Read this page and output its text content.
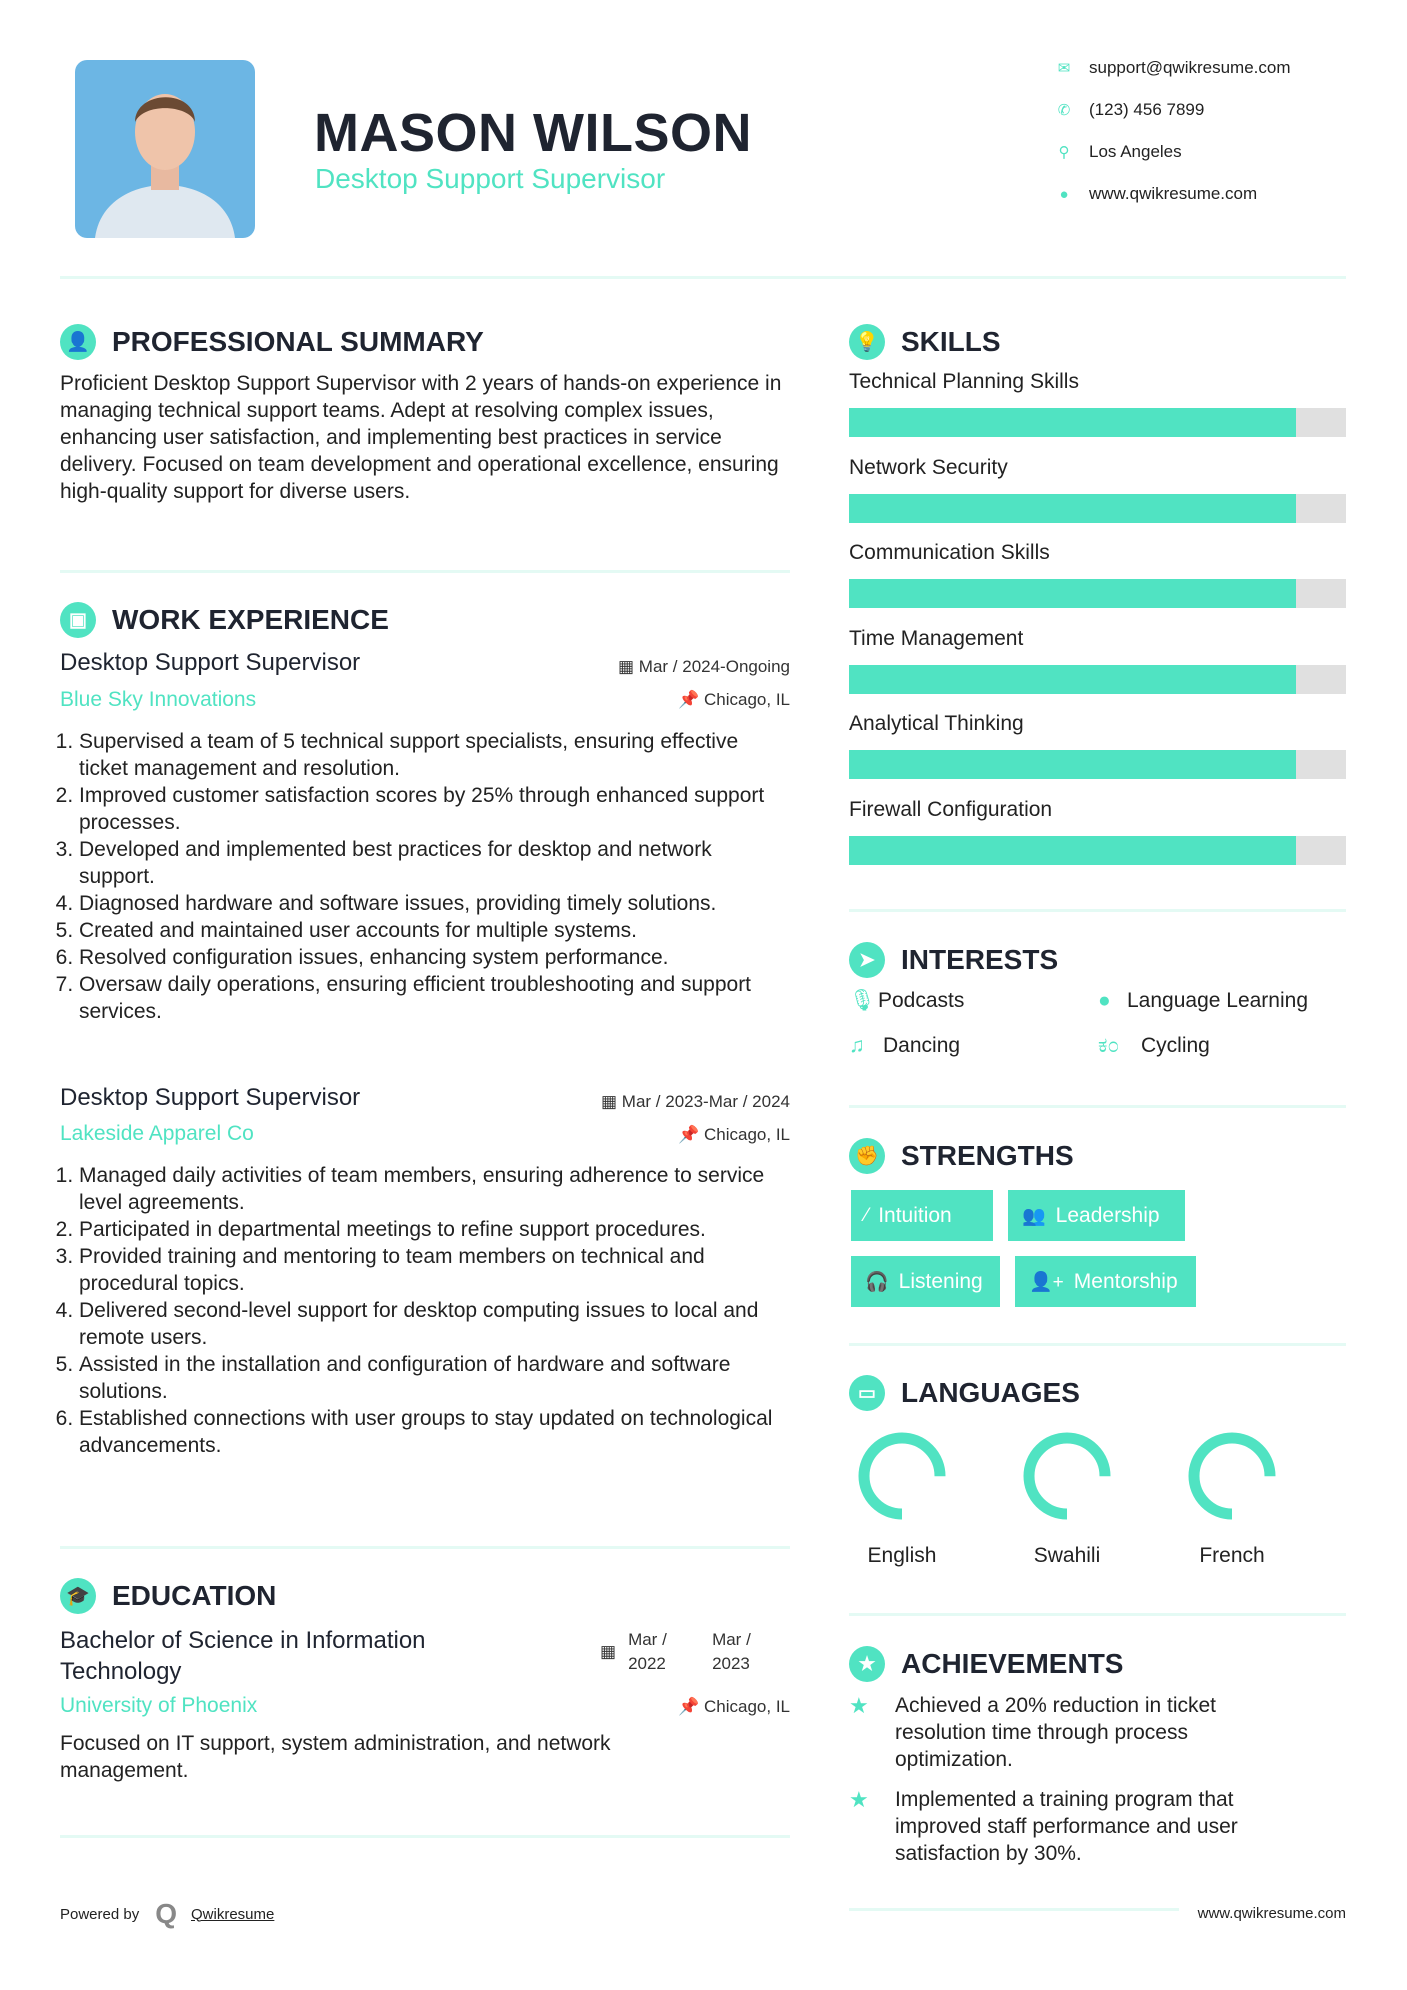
MASON WILSON
Desktop Support Supervisor
✉ support@qwikresume.com
✆ (123) 456 7899
⚲ Los Angeles
● www.qwikresume.com
👤 PROFESSIONAL SUMMARY
Proficient Desktop Support Supervisor with 2 years of hands-on experience in managing technical support teams. Adept at resolving complex issues, enhancing user satisfaction, and implementing best practices in service delivery. Focused on team development and operational excellence, ensuring high-quality support for diverse users.
▣ WORK EXPERIENCE
Desktop Support Supervisor	▦ Mar / 2024-Ongoing
Blue Sky Innovations	📌 Chicago, IL
1. Supervised a team of 5 technical support specialists, ensuring effective ticket management and resolution.
2. Improved customer satisfaction scores by 25% through enhanced support processes.
3. Developed and implemented best practices for desktop and network support.
4. Diagnosed hardware and software issues, providing timely solutions.
5. Created and maintained user accounts for multiple systems.
6. Resolved configuration issues, enhancing system performance.
7. Oversaw daily operations, ensuring efficient troubleshooting and support services.
Desktop Support Supervisor	▦ Mar / 2023-Mar / 2024
Lakeside Apparel Co	📌 Chicago, IL
1. Managed daily activities of team members, ensuring adherence to service level agreements.
2. Participated in departmental meetings to refine support procedures.
3. Provided training and mentoring to team members on technical and procedural topics.
4. Delivered second-level support for desktop computing issues to local and remote users.
5. Assisted in the installation and configuration of hardware and software solutions.
6. Established connections with user groups to stay updated on technological advancements.
🎓 EDUCATION
Bachelor of Science in Information Technology
▦
Mar / 2022
Mar / 2023
University of Phoenix	📌 Chicago, IL
Focused on IT support, system administration, and network management.
Powered by Q Qwikresume	www.qwikresume.com
💡 SKILLS
Technical Planning Skills
Network Security
Communication Skills
Time Management
Analytical Thinking
Firewall Configuration
➤ INTERESTS
🎙 Podcasts	● Language Learning
♫ Dancing	ಕ೦	Cycling
✊ STRENGTHS
⁄ Intuition	👥 Leadership
🎧 Listening 👤+ Mentorship
▭ LANGUAGES
English	Swahili	French
★ ACHIEVEMENTS
★	Achieved a 20% reduction in ticket resolution time through process optimization.
★	Implemented a training program that improved staff performance and user satisfaction by 30%.
